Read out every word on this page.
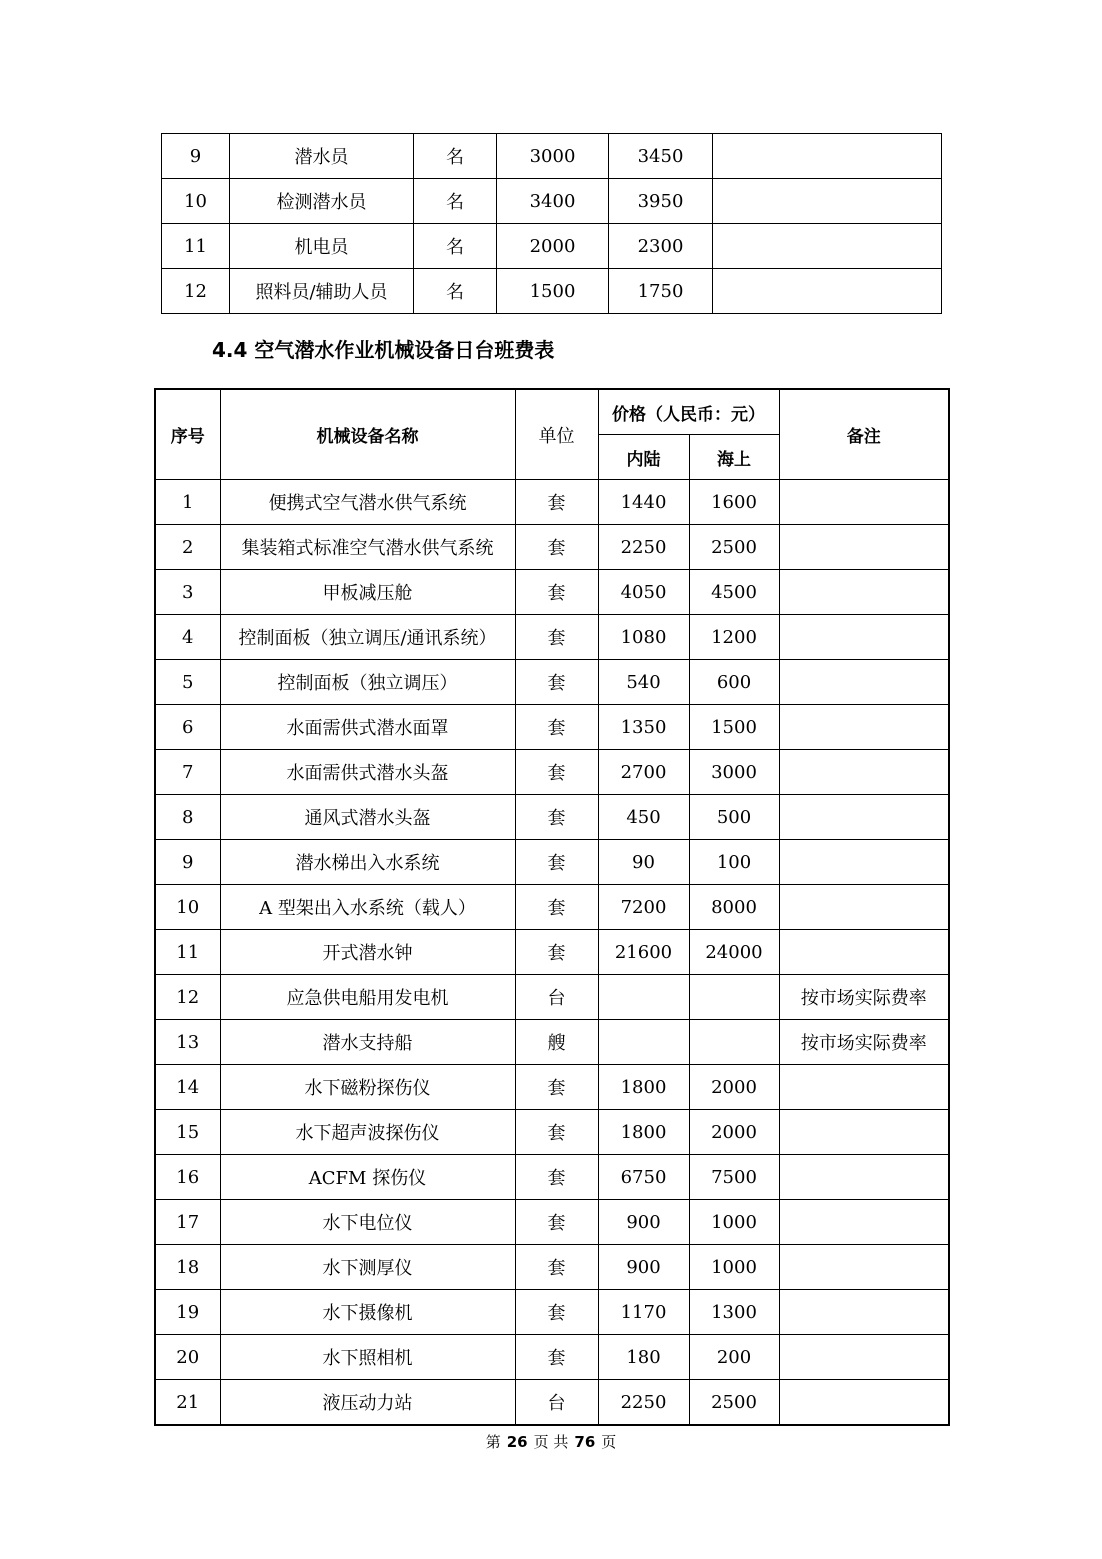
9	潜水员	名	3000	3450	
10	检测潜水员	名	3400	3950	
11	机电员	名	2000	2300	
12	照料员/辅助人员	名	1500	1750	
4.4 空气潜水作业机械设备日台班费表
序号	机械设备名称	单位	价格（人民币：元）		备注
			内陆	海上	
1	便携式空气潜水供气系统	套	1440	1600	
2	集装箱式标准空气潜水供气系统	套	2250	2500	
3	甲板减压舱	套	4050	4500	
4	控制面板（独立调压/通讯系统）	套	1080	1200	
5	控制面板（独立调压）	套	540	600	
6	水面需供式潜水面罩	套	1350	1500	
7	水面需供式潜水头盔	套	2700	3000	
8	通风式潜水头盔	套	450	500	
9	潜水梯出入水系统	套	90	100	
10	A 型架出入水系统（载人）	套	7200	8000	
11	开式潜水钟	套	21600	24000	
12	应急供电船用发电机	台			按市场实际费率
13	潜水支持船	艘			按市场实际费率
14	水下磁粉探伤仪	套	1800	2000	
15	水下超声波探伤仪	套	1800	2000	
16	ACFM 探伤仪	套	6750	7500	
17	水下电位仪	套	900	1000	
18	水下测厚仪	套	900	1000	
19	水下摄像机	套	1170	1300	
20	水下照相机	套	180	200	
21	液压动力站	台	2250	2500	
第 26 页 共 76 页
